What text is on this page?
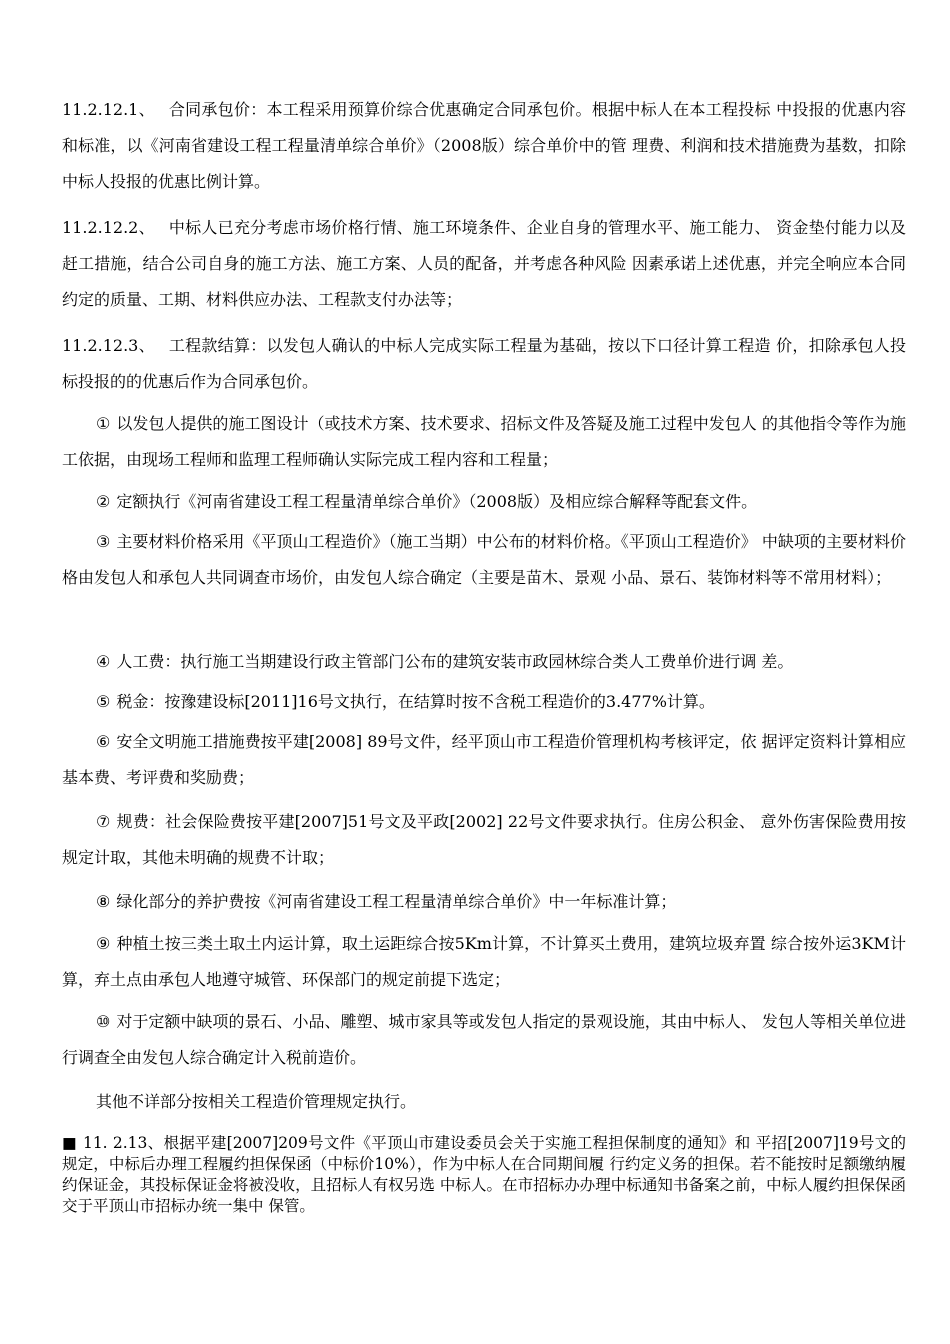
11.2.12.1、 合同承包价：本工程采用预算价综合优惠确定合同承包价。根据中标人在本工程投标 中投报的优惠内容和标准，以《河南省建设工程工程量清单综合单价》（2008版）综合单价中的管 理费、利润和技术措施费为基数，扣除中标人投报的优惠比例计算。

11.2.12.2、 中标人已充分考虑市场价格行情、施工环境条件、企业自身的管理水平、施工能力、 资金垫付能力以及赶工措施，结合公司自身的施工方法、施工方案、人员的配备，并考虑各种风险 因素承诺上述优惠，并完全响应本合同约定的质量、工期、材料供应办法、工程款支付办法等；

11.2.12.3、 工程款结算：以发包人确认的中标人完成实际工程量为基础，按以下口径计算工程造 价，扣除承包人投标投报的的优惠后作为合同承包价。

① 以发包人提供的施工图设计（或技术方案、技术要求、招标文件及答疑及施工过程中发包人 的其他指令等作为施工依据，由现场工程师和监理工程师确认实际完成工程内容和工程量；

② 定额执行《河南省建设工程工程量清单综合单价》（2008版）及相应综合解释等配套文件。

③ 主要材料价格采用《平顶山工程造价》（施工当期）中公布的材料价格。《平顶山工程造价》 中缺项的主要材料价格由发包人和承包人共同调查市场价，由发包人综合确定（主要是苗木、景观 小品、景石、装饰材料等不常用材料）；

④ 人工费：执行施工当期建设行政主管部门公布的建筑安装市政园林综合类人工费单价进行调 差。

⑤ 税金：按豫建设标[2011]16号文执行，在结算时按不含税工程造价的3.477%计算。

⑥ 安全文明施工措施费按平建[2008] 89号文件，经平顶山市工程造价管理机构考核评定，依 据评定资料计算相应基本费、考评费和奖励费；

⑦ 规费：社会保险费按平建[2007]51号文及平政[2002] 22号文件要求执行。住房公积金、 意外伤害保险费用按规定计取，其他未明确的规费不计取；

⑧ 绿化部分的养护费按《河南省建设工程工程量清单综合单价》中一年标准计算；

⑨ 种植土按三类土取土内运计算，取土运距综合按5Km计算，不计算买土费用，建筑垃圾弃置 综合按外运3KM计算，弃土点由承包人地遵守城管、环保部门的规定前提下选定；

⑩ 对于定额中缺项的景石、小品、雕塑、城市家具等或发包人指定的景观设施，其由中标人、 发包人等相关单位进行调查全由发包人综合确定计入税前造价。

其他不详部分按相关工程造价管理规定执行。

■ 11. 2.13、根据平建[2007]209号文件《平顶山市建设委员会关于实施工程担保制度的通知》和 平招[2007]19号文的规定，中标后办理工程履约担保保函（中标价10%），作为中标人在合同期间履 行约定义务的担保。若不能按时足额缴纳履约保证金，其投标保证金将被没收，且招标人有权另选 中标人。在市招标办办理中标通知书备案之前，中标人履约担保保函交于平顶山市招标办统一集中 保管。
